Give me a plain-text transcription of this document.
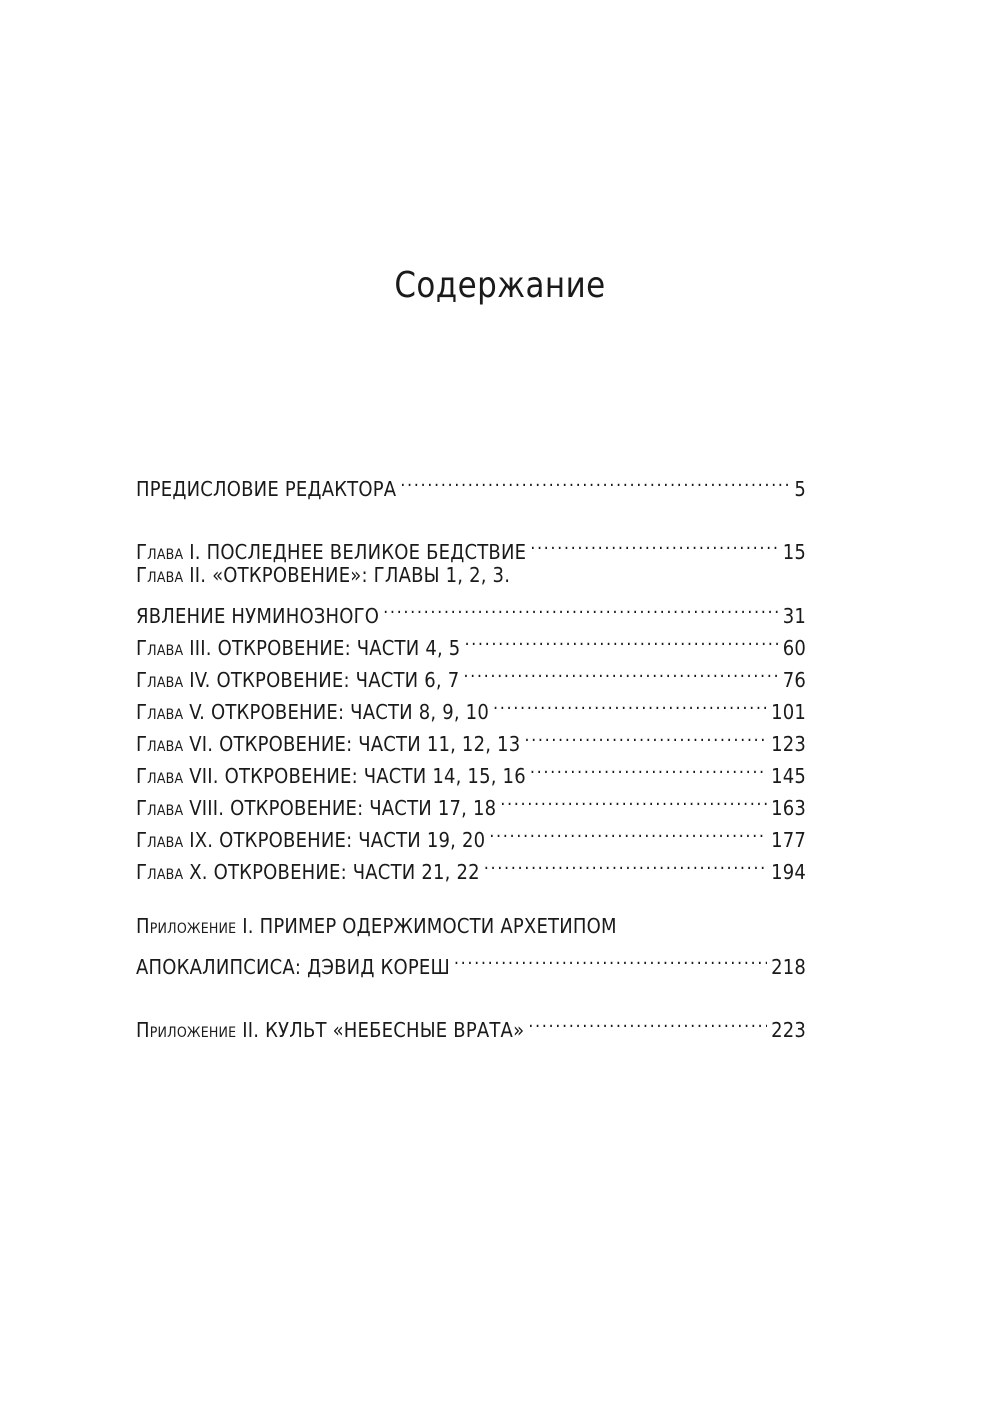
Содержание
ПРЕДИСЛОВИЕ РЕДАКТОРА .....	5
Глава I. ПОСЛЕДНЕЕ ВЕЛИКОЕ БЕДСТВИЕ .....	15
Глава II. «ОТКРОВЕНИЕ»: ГЛАВЫ 1, 2, 3.
ЯВЛЕНИЕ НУМИНОЗНОГО .....	31
Глава III. ОТКРОВЕНИЕ: ЧАСТИ 4, 5 .....	60
Глава IV. ОТКРОВЕНИЕ: ЧАСТИ 6, 7 .....	76
Глава V. ОТКРОВЕНИЕ: ЧАСТИ 8, 9, 10 .....	101
Глава VI. ОТКРОВЕНИЕ: ЧАСТИ 11, 12, 13 .....	123
Глава VII. ОТКРОВЕНИЕ: ЧАСТИ 14, 15, 16 .....	145
Глава VIII. ОТКРОВЕНИЕ: ЧАСТИ 17, 18 .....	163
Глава IX. ОТКРОВЕНИЕ: ЧАСТИ 19, 20 .....	177
Глава X. ОТКРОВЕНИЕ: ЧАСТИ 21, 22 .....	194
Приложение I. ПРИМЕР ОДЕРЖИМОСТИ АРХЕТИПОМ
АПОКАЛИПСИСА: ДЭВИД КОРЕШ .....	218
Приложение II. КУЛЬТ «НЕБЕСНЫЕ ВРАТА» .....	223
